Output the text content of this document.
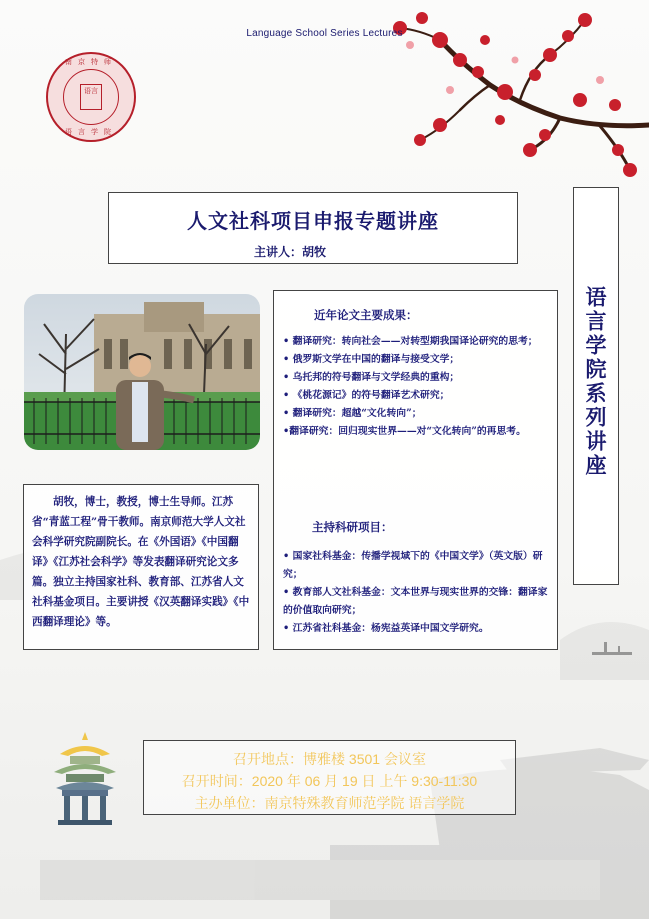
Language School Series Lectures
南京特师
语言
语言学院
人文社科项目申报专题讲座
主讲人：胡牧
语言学院系列讲座

胡牧，博士，教授，博士生导师。江苏省“青蓝工程”骨干教师。南京师范大学人文社会科学研究院副院长。在《外国语》《中国翻译》《江苏社会科学》等发表翻译研究论文多篇。独立主持国家社科、教育部、江苏省人文社科基金项目。主要讲授《汉英翻译实践》《中西翻译理论》等。

近年论文主要成果：
• 翻译研究：转向社会——对转型期我国译论研究的思考；
• 俄罗斯文学在中国的翻译与接受文学；
• 乌托邦的符号翻译与文学经典的重构；
• 《桃花源记》的符号翻译艺术研究；
• 翻译研究：超越“文化转向”；
•翻译研究：回归现实世界——对“文化转向”的再思考。
主持科研项目：
• 国家社科基金：传播学视域下的《中国文学》（英文版）研究；
• 教育部人文社科基金：文本世界与现实世界的交锋：翻译家的价值取向研究；
• 江苏省社科基金：杨宪益英译中国文学研究。
召开地点：博雅楼 3501 会议室
召开时间：2020 年 06 月 19 日 上午 9:30-11:30
主办单位：南京特殊教育师范学院 语言学院
